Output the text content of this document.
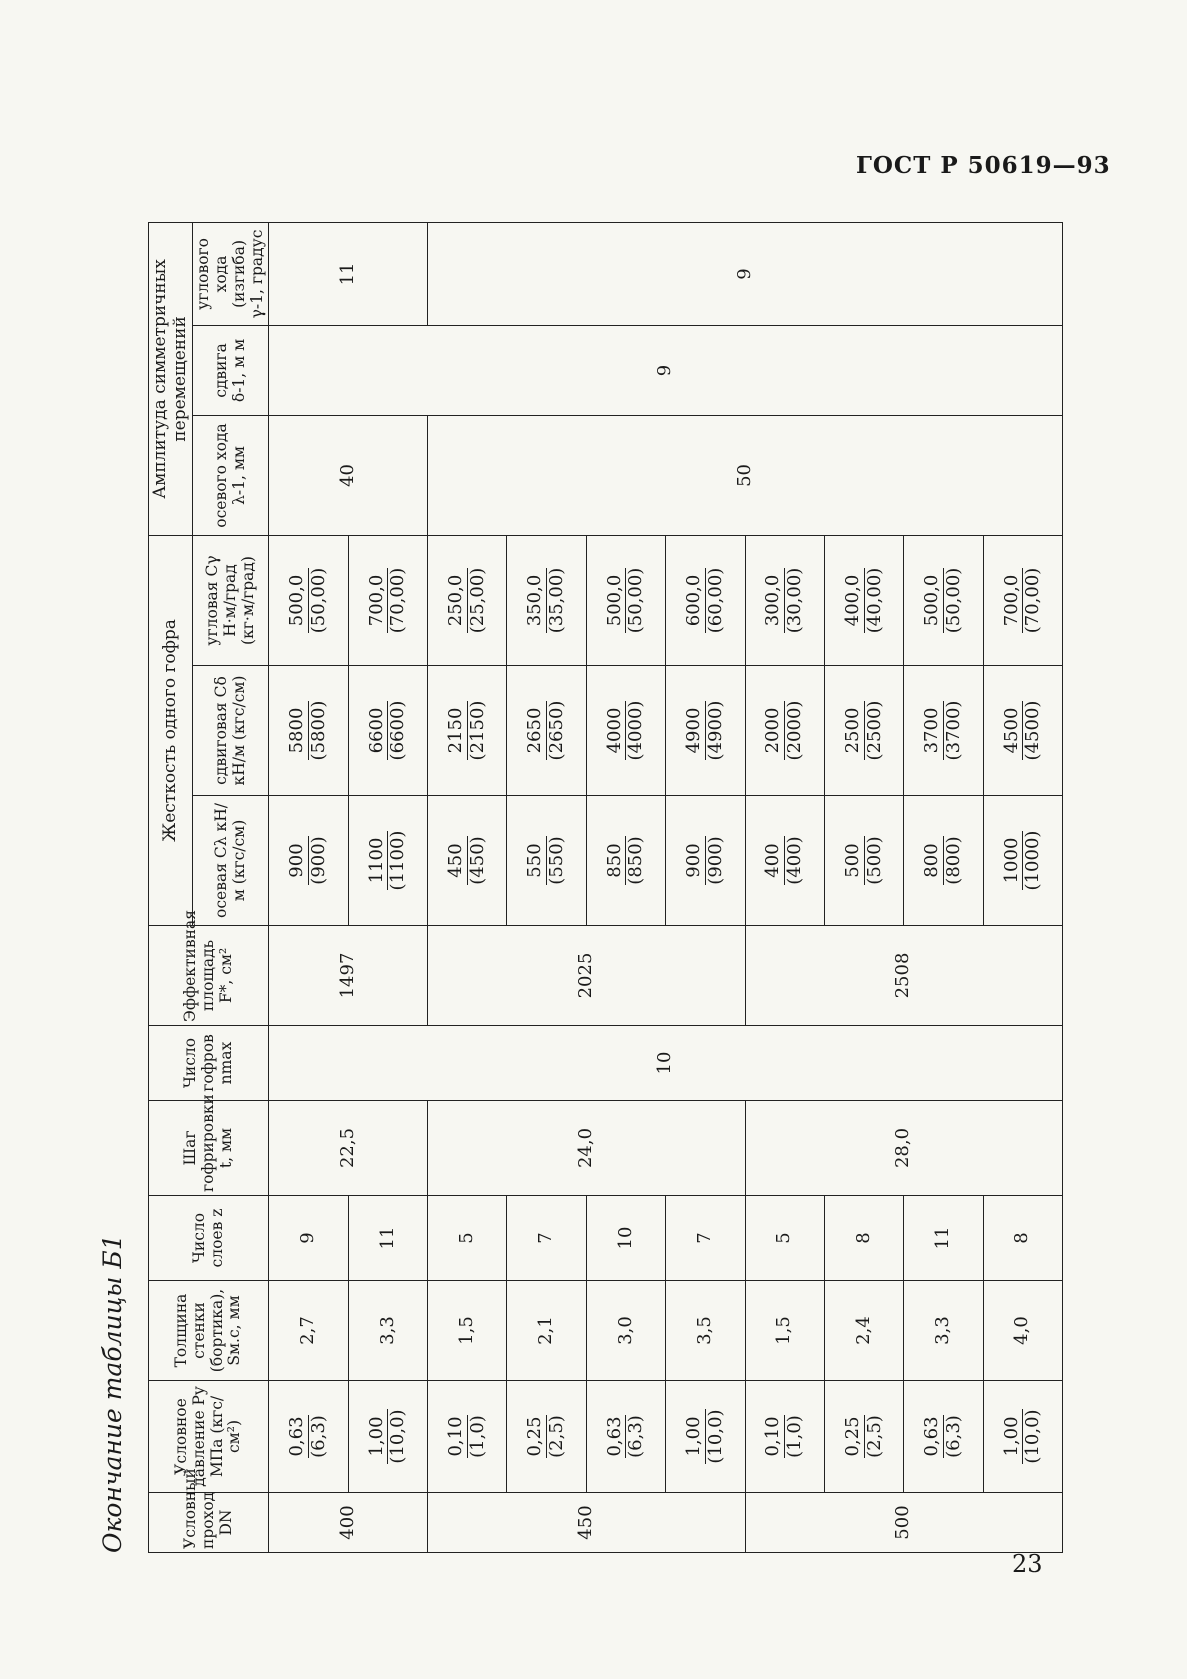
ГОСТ Р 50619—93
23
Окончание таблицы Б1	Условный проход DN	Условное давление Py МПа (кгс/см²)	Толщина стенки (бортика), Sм.с, мм	Число слоев z	Шаг гофрировки t, мм	Число гофров nmax	Эффективная площадь F*, см²	Жесткость одного гофра			Амплитуда симметричных перемещений		
							осевая Cλ кН/м (кгс/см)	сдвиговая Cδ кН/м (кгс/см)	угловая Cγ Н·м/град (кг·м/град)	осевого хода λ-1, мм	сдвига δ-1, м м	углового хода (изгиба) γ-1, градус
400	0,63 (6,3)	2,7	9	22,5	10	1497	900 (900)	5800 (5800)	500,0 (50,00)	40	9	11

	1,00 (10,0)	3,3	11				1100 (1100)	6600 (6600)	700,0 (70,00)			

450	0,10 (1,0)	1,5	5	24,0		2025	450 (450)	2150 (2150)	250,0 (25,00)	50		9

	0,25 (2,5)	2,1	7				550 (550)	2650 (2650)	350,0 (35,00)			

	0,63 (6,3)	3,0	10				850 (850)	4000 (4000)	500,0 (50,00)			

	1,00 (10,0)	3,5	7				900 (900)	4900 (4900)	600,0 (60,00)			

500	0,10 (1,0)	1,5	5	28,0		2508	400 (400)	2000 (2000)	300,0 (30,00)			

	0,25 (2,5)	2,4	8				500 (500)	2500 (2500)	400,0 (40,00)			

	0,63 (6,3)	3,3	11				800 (800)	3700 (3700)	500,0 (50,00)			

	1,00 (10,0)	4,0	8				1000 (1000)	4500 (4500)	700,0 (70,00)			
